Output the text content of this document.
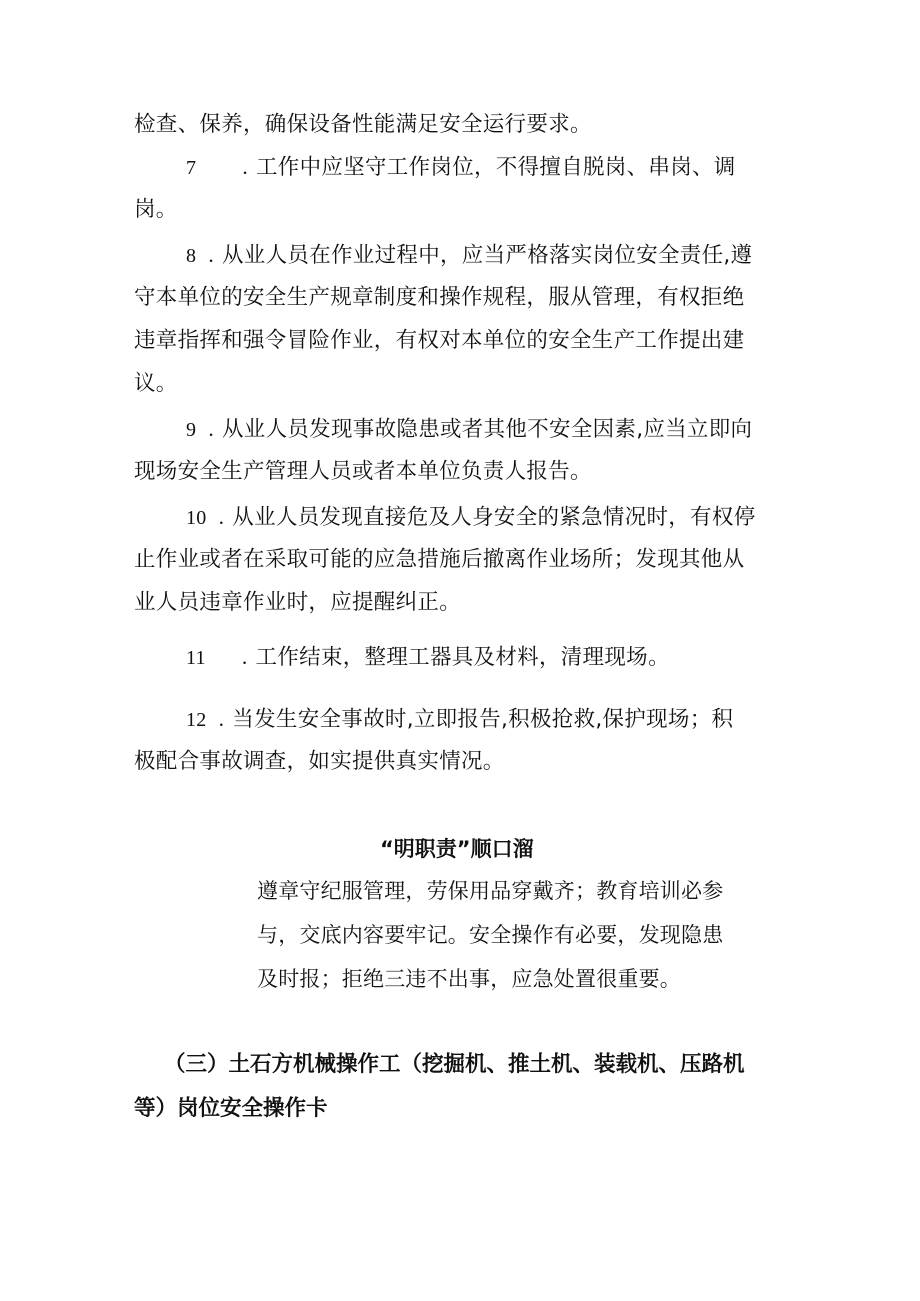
检查、保养，确保设备性能满足安全运行要求。
7 . 工作中应坚守工作岗位，不得擅自脱岗、串岗、调
岗。
8 . 从业人员在作业过程中，应当严格落实岗位安全责任,遵
守本单位的安全生产规章制度和操作规程，服从管理，有权拒绝
违章指挥和强令冒险作业，有权对本单位的安全生产工作提出建
议。
9 . 从业人员发现事故隐患或者其他不安全因素,应当立即向
现场安全生产管理人员或者本单位负责人报告。
10 . 从业人员发现直接危及人身安全的紧急情况时，有权停
止作业或者在采取可能的应急措施后撤离作业场所；发现其他从
业人员违章作业时，应提醒纠正。
11 . 工作结束，整理工器具及材料，清理现场。
12 . 当发生安全事故时,立即报告,积极抢救,保护现场；积
极配合事故调查，如实提供真实情况。
“明职责”顺口溜
遵章守纪服管理，劳保用品穿戴齐；教育培训必参
与，交底内容要牢记。安全操作有必要，发现隐患
及时报；拒绝三违不出事，应急处置很重要。
（三）土石方机械操作工（挖掘机、推土机、装载机、压路机
等）岗位安全操作卡
